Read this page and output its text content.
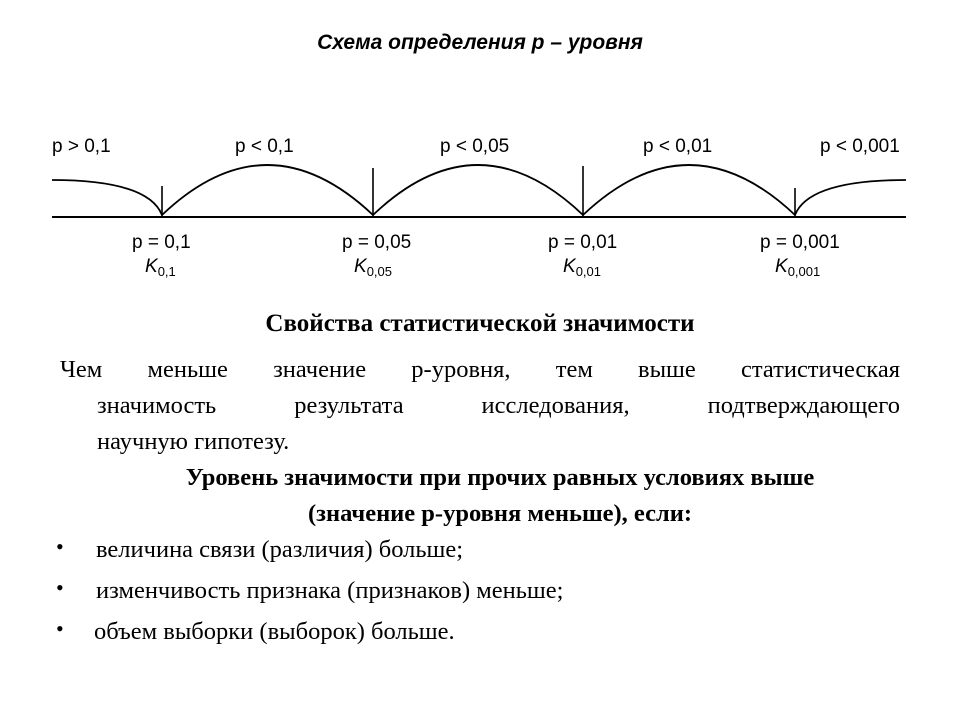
Схема определения р – уровня
p > 0,1	p < 0,1	p < 0,05	p < 0,01	p < 0,001
p = 0,1	p = 0,05	p = 0,01	p = 0,001
$K_{0,1}$	$K_{0,05}$	$K_{0,01}$	$K_{0,001}$
Свойства статистической значимости
Чем меньше значение р-уровня, тем выше статистическая
значимость результата исследования, подтверждающего
научную гипотезу.
Уровень значимости при прочих равных условиях выше
(значение р-уровня меньше), если:
• величина связи (различия) больше;
• изменчивость признака (признаков) меньше;
• объем выборки (выборок) больше.
